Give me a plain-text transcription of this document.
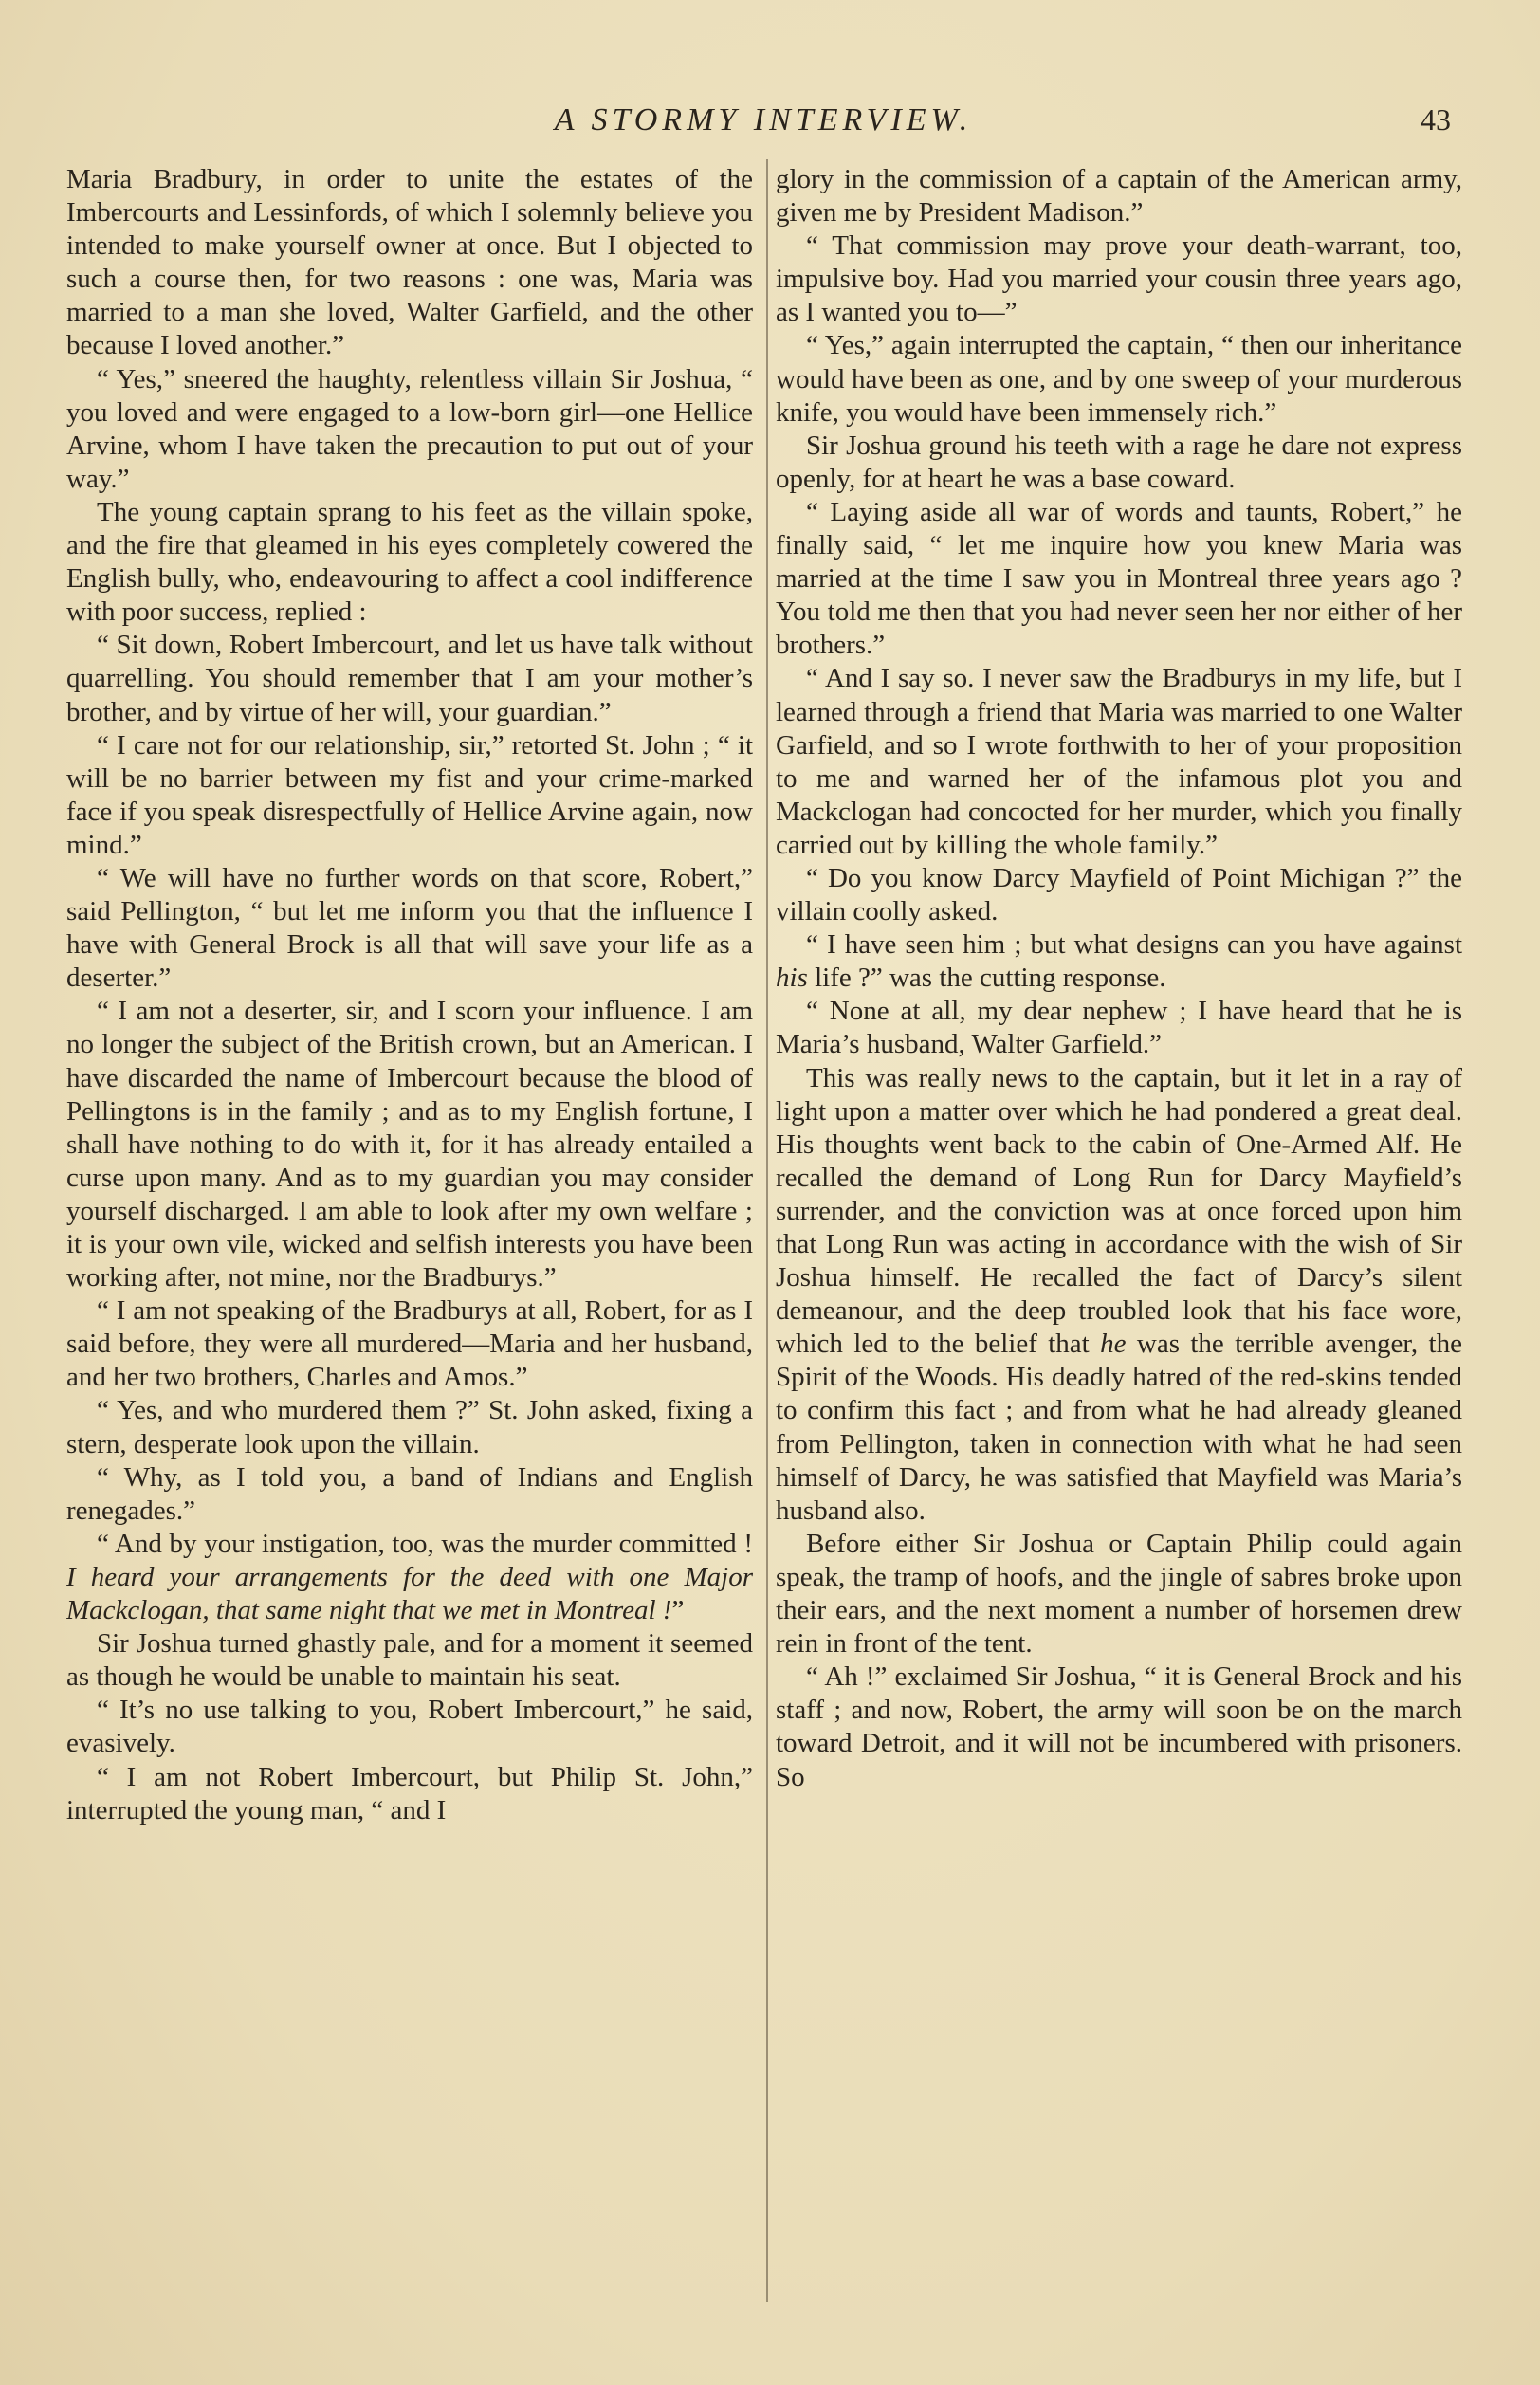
A STORMY INTERVIEW.	43

Maria Bradbury, in order to unite the estates of the Imbercourts and Lessinfords, of which I solemnly believe you intended to make yourself owner at once. But I objected to such a course then, for two reasons : one was, Maria was married to a man she loved, Walter Garfield, and the other because I loved another.”

“ Yes,” sneered the haughty, relentless villain Sir Joshua, “ you loved and were engaged to a low-born girl—one Hellice Arvine, whom I have taken the precaution to put out of your way.”

The young captain sprang to his feet as the villain spoke, and the fire that gleamed in his eyes completely cowered the English bully, who, endeavouring to affect a cool indifference with poor success, replied :

“ Sit down, Robert Imbercourt, and let us have talk without quarrelling. You should remember that I am your mother’s brother, and by virtue of her will, your guardian.”

“ I care not for our relationship, sir,” retorted St. John ; “ it will be no barrier between my fist and your crime-marked face if you speak disrespectfully of Hellice Arvine again, now mind.”

“ We will have no further words on that score, Robert,” said Pellington, “ but let me inform you that the influence I have with General Brock is all that will save your life as a deserter.”

“ I am not a deserter, sir, and I scorn your influence. I am no longer the subject of the British crown, but an American. I have discarded the name of Imbercourt because the blood of Pellingtons is in the family ; and as to my English fortune, I shall have nothing to do with it, for it has already entailed a curse upon many. And as to my guardian you may consider yourself discharged. I am able to look after my own welfare ; it is your own vile, wicked and selfish interests you have been working after, not mine, nor the Bradburys.”

“ I am not speaking of the Bradburys at all, Robert, for as I said before, they were all murdered—Maria and her husband, and her two brothers, Charles and Amos.”

“ Yes, and who murdered them ?” St. John asked, fixing a stern, desperate look upon the villain.

“ Why, as I told you, a band of Indians and English renegades.”

“ And by your instigation, too, was the murder committed ! I heard your arrangements for the deed with one Major Mackclogan, that same night that we met in Montreal !”

Sir Joshua turned ghastly pale, and for a moment it seemed as though he would be unable to maintain his seat.

“ It’s no use talking to you, Robert Imbercourt,” he said, evasively.

“ I am not Robert Imbercourt, but Philip St. John,” interrupted the young man, “ and I

glory in the commission of a captain of the American army, given me by President Madison.”

“ That commission may prove your death-warrant, too, impulsive boy. Had you married your cousin three years ago, as I wanted you to—”

“ Yes,” again interrupted the captain, “ then our inheritance would have been as one, and by one sweep of your murderous knife, you would have been immensely rich.”

Sir Joshua ground his teeth with a rage he dare not express openly, for at heart he was a base coward.

“ Laying aside all war of words and taunts, Robert,” he finally said, “ let me inquire how you knew Maria was married at the time I saw you in Montreal three years ago ? You told me then that you had never seen her nor either of her brothers.”

“ And I say so. I never saw the Bradburys in my life, but I learned through a friend that Maria was married to one Walter Garfield, and so I wrote forthwith to her of your proposition to me and warned her of the infamous plot you and Mackclogan had concocted for her murder, which you finally carried out by killing the whole family.”

“ Do you know Darcy Mayfield of Point Michigan ?” the villain coolly asked.

“ I have seen him ; but what designs can you have against his life ?” was the cutting response.

“ None at all, my dear nephew ; I have heard that he is Maria’s husband, Walter Garfield.”

This was really news to the captain, but it let in a ray of light upon a matter over which he had pondered a great deal. His thoughts went back to the cabin of One-Armed Alf. He recalled the demand of Long Run for Darcy Mayfield’s surrender, and the conviction was at once forced upon him that Long Run was acting in accordance with the wish of Sir Joshua himself. He recalled the fact of Darcy’s silent demeanour, and the deep troubled look that his face wore, which led to the belief that he was the terrible avenger, the Spirit of the Woods. His deadly hatred of the red-skins tended to confirm this fact ; and from what he had already gleaned from Pellington, taken in connection with what he had seen himself of Darcy, he was satisfied that Mayfield was Maria’s husband also.

Before either Sir Joshua or Captain Philip could again speak, the tramp of hoofs, and the jingle of sabres broke upon their ears, and the next moment a number of horsemen drew rein in front of the tent.

“ Ah !” exclaimed Sir Joshua, “ it is General Brock and his staff ; and now, Robert, the army will soon be on the march toward Detroit, and it will not be incumbered with prisoners. So
